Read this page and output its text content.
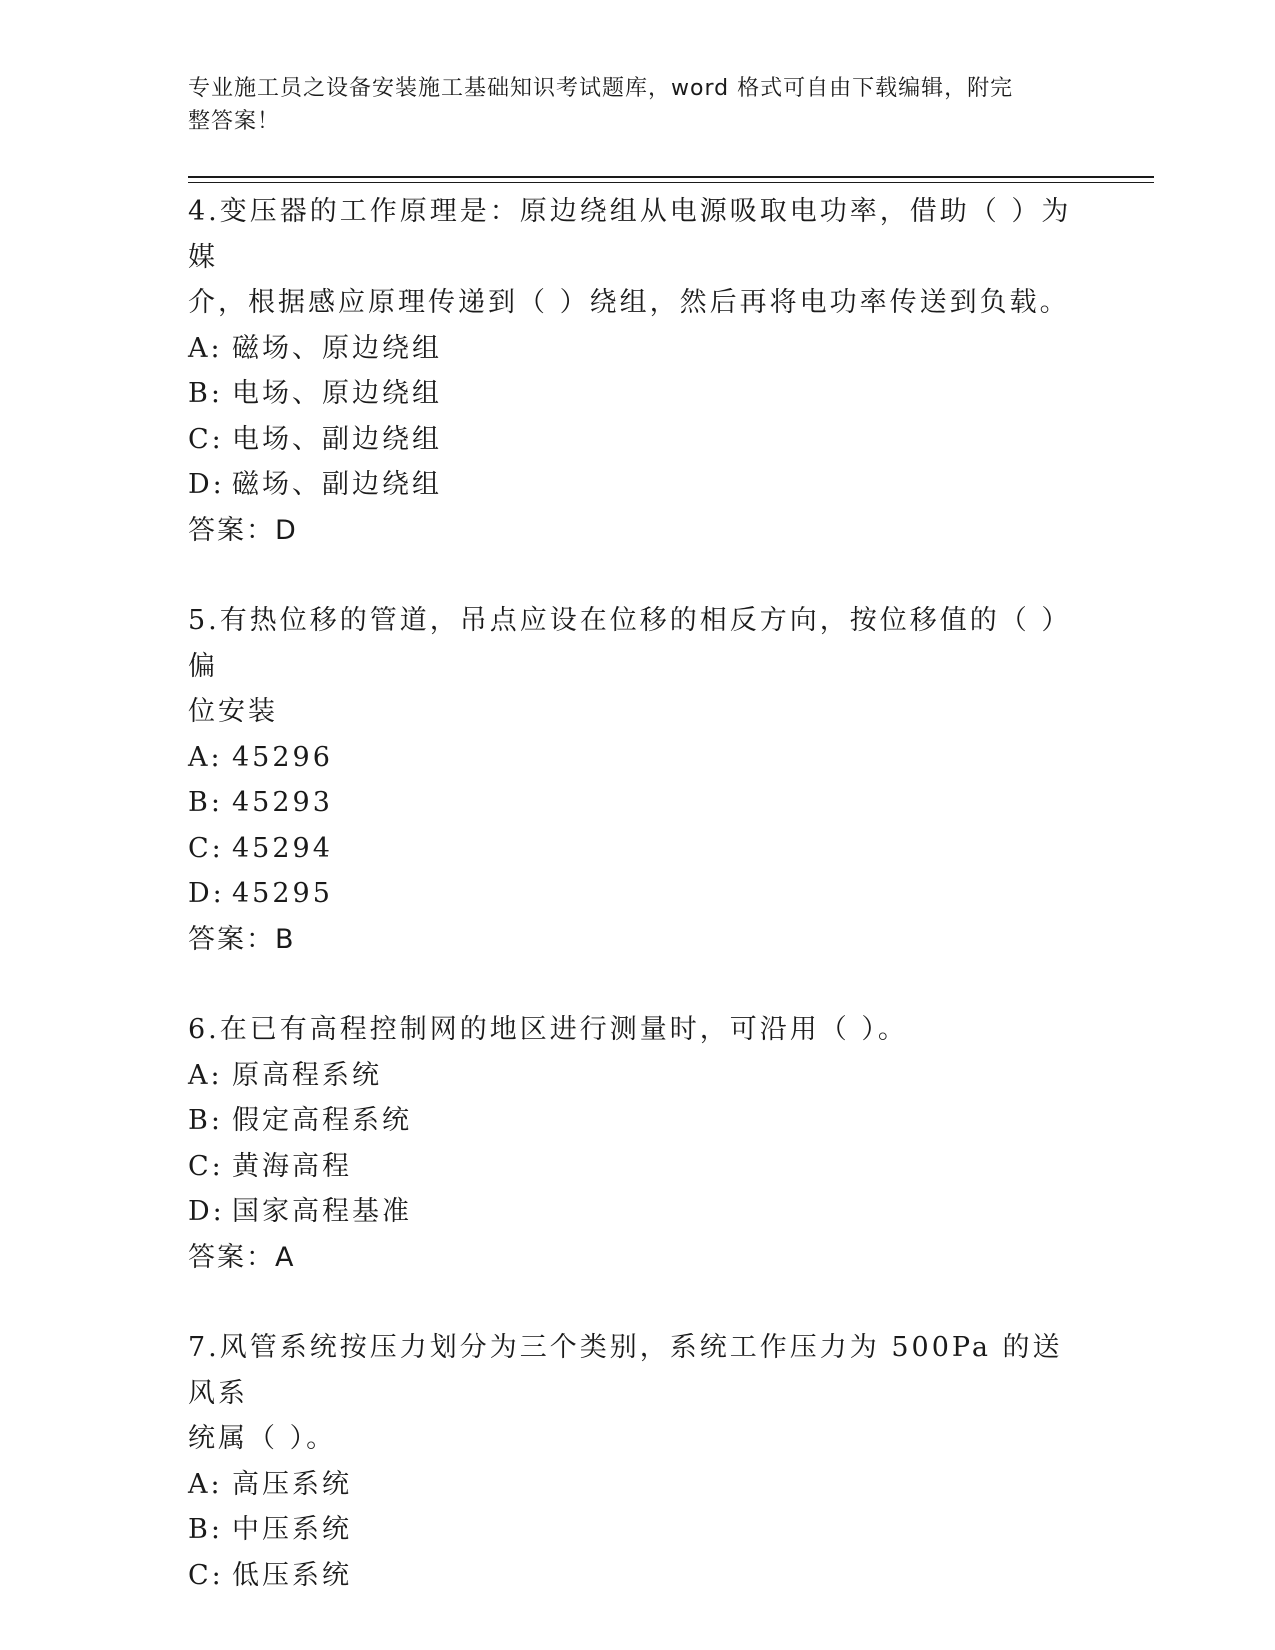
专业施工员之设备安装施工基础知识考试题库，word 格式可自由下载编辑，附完
整答案！

4.变压器的工作原理是：原边绕组从电源吸取电功率，借助（ ）为媒

介，根据感应原理传递到（ ）绕组，然后再将电功率传送到负载。

A: 磁场、原边绕组

B: 电场、原边绕组

C: 电场、副边绕组

D: 磁场、副边绕组

答案：D

5.有热位移的管道，吊点应设在位移的相反方向，按位移值的（ ）偏

位安装

A: 45296

B: 45293

C: 45294

D: 45295

答案：B

6.在已有高程控制网的地区进行测量时，可沿用（ ）。

A: 原高程系统

B: 假定高程系统

C: 黄海高程

D: 国家高程基准

答案：A

7.风管系统按压力划分为三个类别，系统工作压力为 500Pa 的送风系

统属（ ）。

A: 高压系统

B: 中压系统

C: 低压系统
